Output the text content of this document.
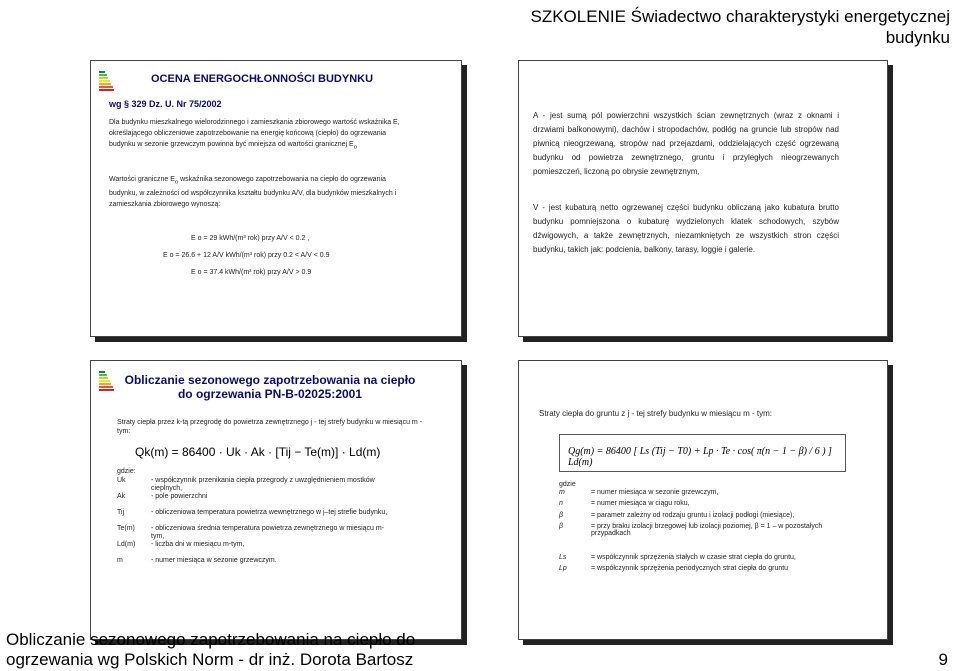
SZKOLENIE Świadectwo charakterystyki energetycznej budynku
OCENA ENERGOCHŁONNOŚCI BUDYNKU
wg § 329 Dz. U. Nr 75/2002
Dla budynku mieszkalnego wielorodzinnego i zamieszkania zbiorowego wartość wskaźnika E, określającego obliczeniowe zapotrzebowanie na energię końcową (ciepło) do ogrzewania budynku w sezonie grzewczym powinna być mniejsza od wartości granicznej $E_o$
Wartości graniczne $E_o$ wskaźnika sezonowego zapotrzebowania na ciepło do ogrzewania budynku, w zależności od współczynnika kształtu budynku A/V, dla budynków mieszkalnych i zamieszkania zbiorowego wynoszą:
E o = 29 kWh/(m³ rok) przy A/V < 0.2 ,
E o = 26.6 + 12 A/V kWh/(m³ rok) przy 0.2 < A/V < 0.9
E o = 37.4 kWh/(m³ rok) przy A/V > 0.9
A - jest sumą pól powierzchni wszystkich ścian zewnętrznych (wraz z oknami i drzwiami balkonowymi), dachów i stropodachów, podłóg na gruncie lub stropów nad piwnicą nieogrzewaną, stropów nad przejazdami, oddzielających część ogrzewaną budynku od powietrza zewnętrznego, gruntu i przyległych nieogrzewanych pomieszczeń, liczoną po obrysie zewnętrznym,
V - jest kubaturą netto ogrzewanej części budynku obliczaną jako kubatura brutto budynku pomniejszona o kubaturę wydzielonych klatek schodowych, szybów dźwigowych, a także zewnętrznych, niezamkniętych ze wszystkich stron części budynku, takich jak: podcienia, balkony, tarasy, loggie i galerie.
Obliczanie sezonowego zapotrzebowania na ciepło
do ogrzewania PN-B-02025:2001
Straty ciepła przez k-tą przegrodę do powietrza zewnętrznego j - tej strefy budynku w miesiącu m - tym:
Qk(m) = 86400 · Uk · Ak · [Tij − Te(m)] · Ld(m)
gdzie:
Uk	- współczynnik przenikania ciepła przegrody z uwzględnieniem mostków cieplnych,
Ak	- pole powierzchni
Tij	- obliczeniowa temperatura powietrza wewnętrznego w j–tej strefie budynku,
Te(m)	- obliczeniowa średnia temperatura powietrza zewnętrznego w miesiącu m-tym,
Ld(m)	- liczba dni w miesiącu m-tym,
m	- numer miesiąca w sezonie grzewczym.
Straty ciepła do gruntu z j - tej strefy budynku w miesiącu m - tym:
Qg(m) = 86400 [ Ls (Tij − T0) + Lp · Te · cos( π(n − 1 − β) / 6 ) ] Ld(m)
gdzie
m	= numer miesiąca w sezonie grzewczym,
n	= numer miesiąca w ciągu roku,
β	= parametr zależny od rodzaju gruntu i izolacji podłogi (miesiące),
β	= przy braku izolacji brzegowej lub izolacji poziomej, β = 1 – w pozostałych przypadkach
Ls	= współczynnik sprzężenia stałych w czasie strat ciepła do gruntu,
Lp	= współczynnik sprzężenia periodycznych strat ciepła do gruntu
Obliczanie sezonowego zapotrzebowania na ciepło do
ogrzewania wg Polskich Norm - dr inż. Dorota Bartosz	9
